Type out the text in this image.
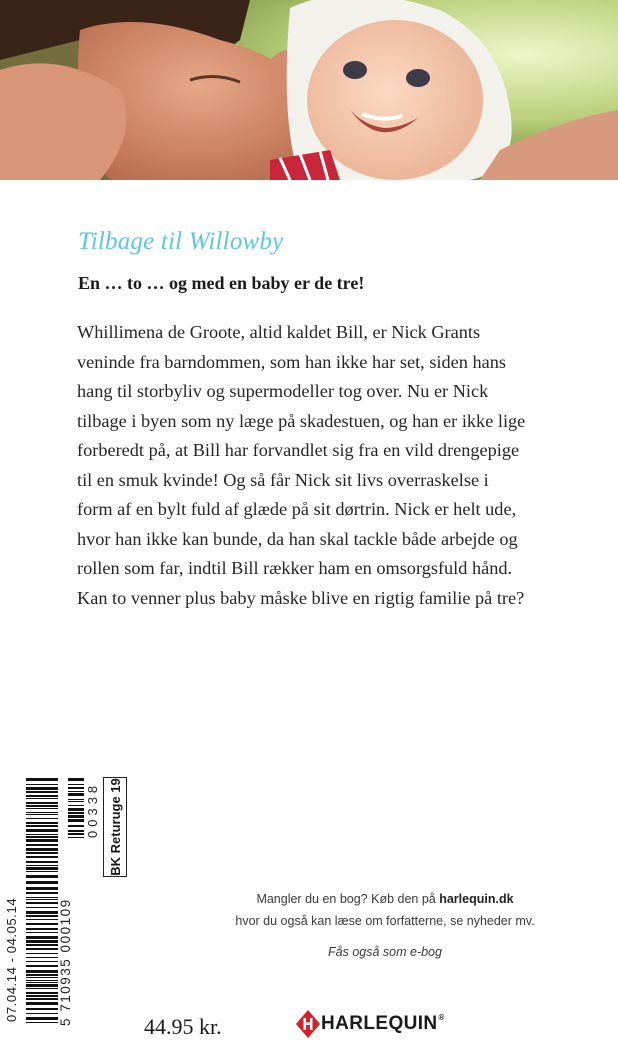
Tilbage til Willowby
En … to … og med en baby er de tre!
Whillimena de Groote, altid kaldet Bill, er Nick Grants
veninde fra barndommen, som han ikke har set, siden hans
hang til storbyliv og supermodeller tog over. Nu er Nick
tilbage i byen som ny læge på skadestuen, og han er ikke lige
forberedt på, at Bill har forvandlet sig fra en vild drengepige
til en smuk kvinde! Og så får Nick sit livs overraskelse i
form af en bylt fuld af glæde på sit dørtrin. Nick er helt ude,
hvor han ikke kan bunde, da han skal tackle både arbejde og
rollen som far, indtil Bill rækker ham en omsorgsfuld hånd.
Kan to venner plus baby måske blive en rigtig familie på tre?
07.04.14 - 04.05.14	5 710935 000109
00338 BK Returuge 19
Mangler du en bog? Køb den på harlequin.dk
hvor du også kan læse om forfatterne, se nyheder mv.
Fås også som e-bog
44.95 kr.	HARLEQUIN®
